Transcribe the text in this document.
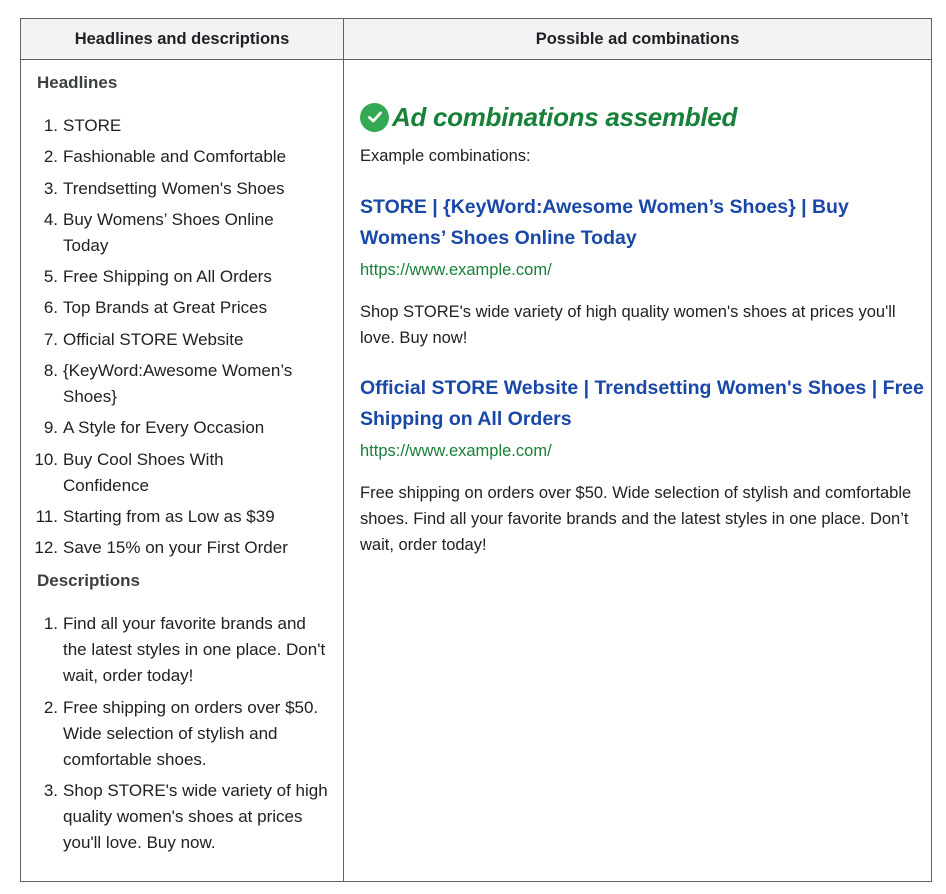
Headlines and descriptions	Possible ad combinations
Headlines
1. STORE
2. Fashionable and Comfortable
3. Trendsetting Women's Shoes
4. Buy Womens’ Shoes Online Today
5. Free Shipping on All Orders
6. Top Brands at Great Prices
7. Official STORE Website
8. {KeyWord:Awesome Women’s Shoes}
9. A Style for Every Occasion
10. Buy Cool Shoes With Confidence
11. Starting from as Low as $39
12. Save 15% on your First Order
Descriptions
1. Find all your favorite brands and the latest styles in one place. Don't wait, order today!
2. Free shipping on orders over $50. Wide selection of stylish and comfortable shoes.
3. Shop STORE's wide variety of high quality women's shoes at prices you'll love. Buy now.
Ad combinations assembled
Example combinations:
STORE | {KeyWord:Awesome Women’s Shoes} | Buy Womens’ Shoes Online Today
https://www.example.com/
Shop STORE's wide variety of high quality women's shoes at prices you'll love. Buy now!
Official STORE Website | Trendsetting Women's Shoes | Free Shipping on All Orders
https://www.example.com/
Free shipping on orders over $50. Wide selection of stylish and comfortable shoes. Find all your favorite brands and the latest styles in one place. Don’t wait, order today!
